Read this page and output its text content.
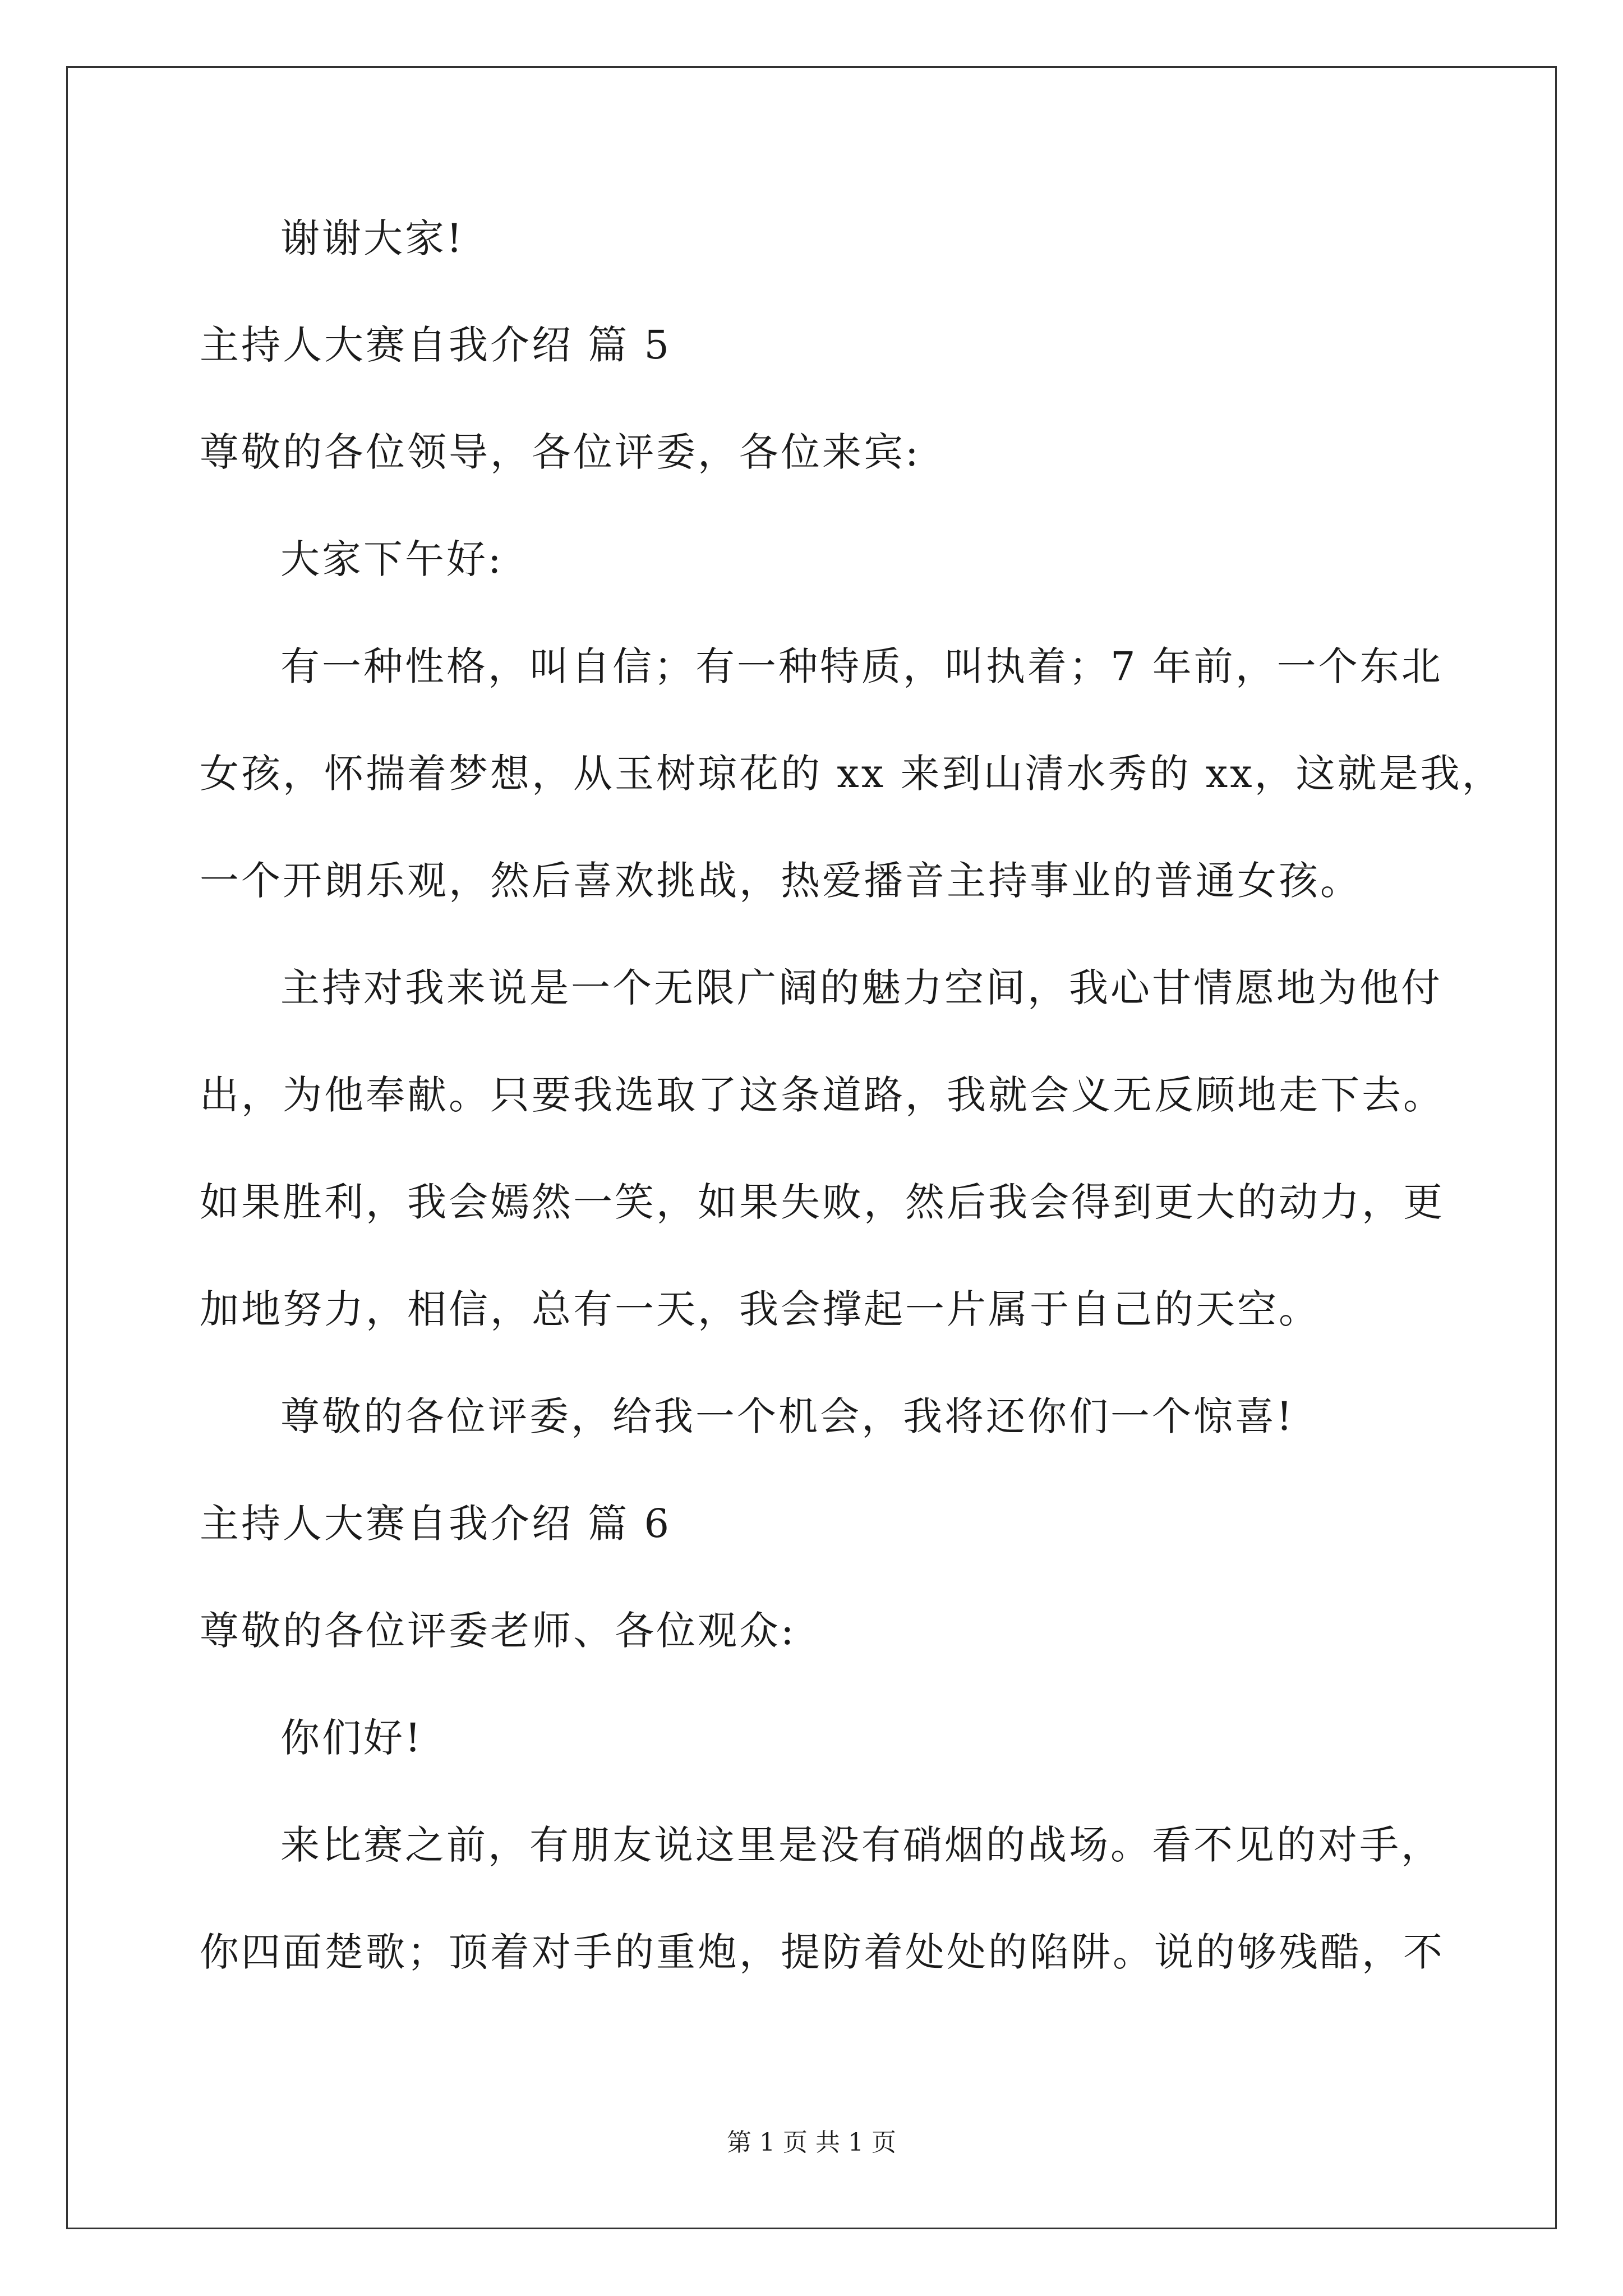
谢谢大家!
主持人大赛自我介绍 篇 5
尊敬的各位领导，各位评委，各位来宾:
大家下午好:
有一种性格，叫自信；有一种特质，叫执着；7 年前，一个东北
女孩，怀揣着梦想，从玉树琼花的 xx 来到山清水秀的 xx，这就是我，
一个开朗乐观，然后喜欢挑战，热爱播音主持事业的普通女孩。
主持对我来说是一个无限广阔的魅力空间，我心甘情愿地为他付
出，为他奉献。只要我选取了这条道路，我就会义无反顾地走下去。
如果胜利，我会嫣然一笑，如果失败，然后我会得到更大的动力，更
加地努力，相信，总有一天，我会撑起一片属于自己的天空。
尊敬的各位评委，给我一个机会，我将还你们一个惊喜!
主持人大赛自我介绍 篇 6
尊敬的各位评委老师、各位观众:
你们好!
来比赛之前，有朋友说这里是没有硝烟的战场。看不见的对手，
你四面楚歌；顶着对手的重炮，提防着处处的陷阱。说的够残酷，不
第 1 页 共 1 页
